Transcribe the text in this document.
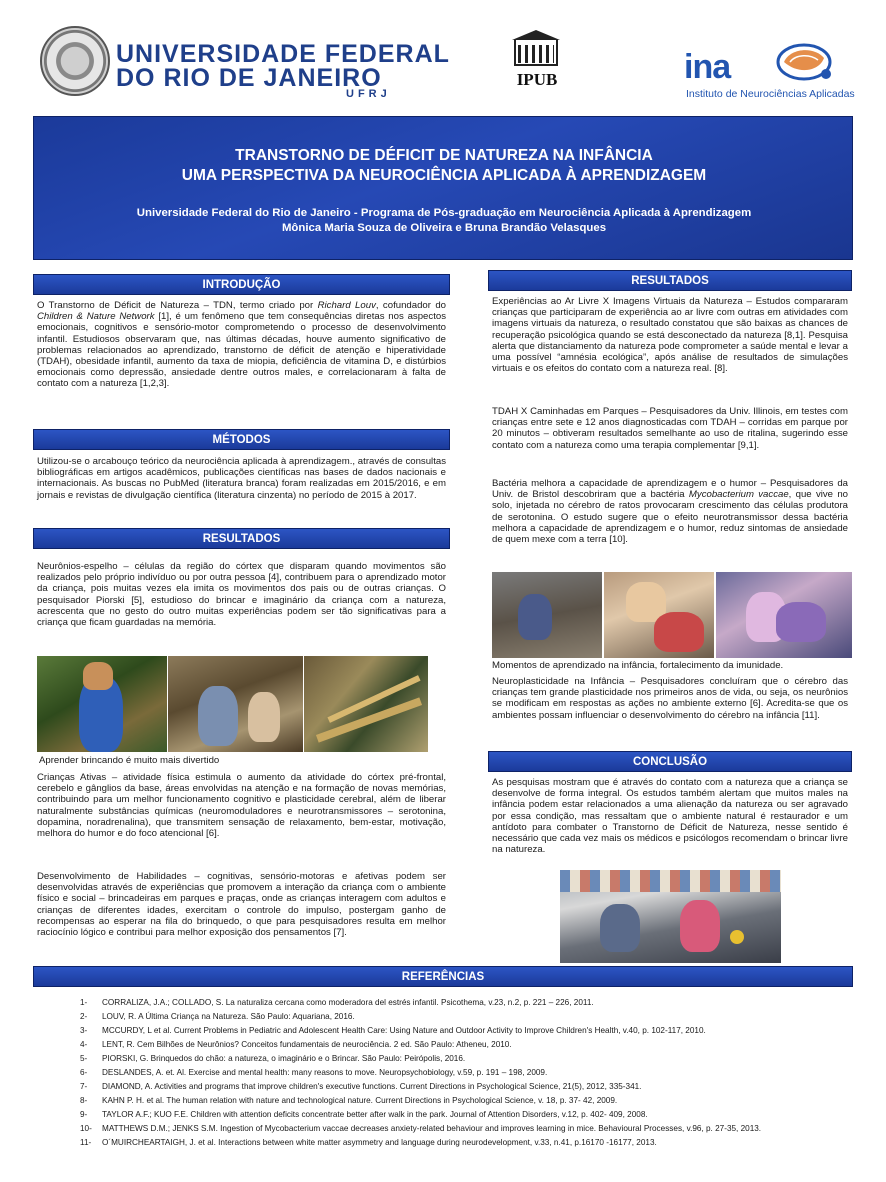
UNIVERSIDADE FEDERAL
DO RIO DE JANEIRO
UFRJ
IPUB	ina
Instituto de Neurociências Aplicadas
TRANSTORNO DE DÉFICIT DE NATUREZA NA INFÂNCIA
UMA PERSPECTIVA DA NEUROCIÊNCIA APLICADA À APRENDIZAGEM
Universidade Federal do Rio de Janeiro - Programa de Pós-graduação em Neurociência Aplicada à Aprendizagem
Mônica Maria Souza de Oliveira e Bruna Brandão Velasques
INTRODUÇÃO
O Transtorno de Déficit de Natureza – TDN, termo criado por Richard Louv, cofundador do Children & Nature Network [1], é um fenômeno que tem consequências diretas nos aspectos emocionais, cognitivos e sensório-motor comprometendo o processo de desenvolvimento infantil. Estudiosos observaram que, nas últimas décadas, houve aumento significativo de problemas relacionados ao aprendizado, transtorno de déficit de atenção e hiperatividade (TDAH), obesidade infantil, aumento da taxa de miopia, deficiência de vitamina D, e distúrbios emocionais como depressão, ansiedade dentre outros males, e correlacionaram à falta de contato com a natureza [1,2,3].
MÉTODOS
Utilizou-se o arcabouço teórico da neurociência aplicada à aprendizagem., através de consultas bibliográficas em artigos acadêmicos, publicações científicas nas bases de dados nacionais e internacionais. As buscas no PubMed (literatura branca) foram realizadas em 2015/2016, e em jornais e revistas de divulgação científica (literatura cinzenta) no período de 2015 à 2017.
RESULTADOS
Neurônios-espelho – células da região do córtex que disparam quando movimentos são realizados pelo próprio indivíduo ou por outra pessoa [4], contribuem para o aprendizado motor da criança, pois muitas vezes ela imita os movimentos dos pais ou de outras crianças. O pesquisador Piorski [5], estudioso do brincar e imaginário da criança com a natureza, acrescenta que no gesto do outro muitas experiências podem ser tão significativas para a criança que ficam guardadas na memória.
Aprender brincando é muito mais divertido
Crianças Ativas – atividade física estimula o aumento da atividade do córtex pré-frontal, cerebelo e gânglios da base, áreas envolvidas na atenção e na formação de novas memórias, contribuindo para um melhor funcionamento cognitivo e plasticidade cerebral, além de liberar naturalmente substâncias químicas (neuromoduladores e neurotransmissores – serotonina, dopamina, noradrenalina), que transmitem sensação de relaxamento, bem-estar, motivação, melhora do humor e do foco atencional [6].
Desenvolvimento de Habilidades – cognitivas, sensório-motoras e afetivas podem ser desenvolvidas através de experiências que promovem a interação da criança com o ambiente físico e social – brincadeiras em parques e praças, onde as crianças interagem com adultos e crianças de diferentes idades, exercitam o controle do impulso, postergam ganho de recompensas ao esperar na fila do brinquedo, o que para pesquisadores resulta em melhor raciocínio lógico e contribui para melhor exposição dos pensamentos [7].
RESULTADOS
Experiências ao Ar Livre X Imagens Virtuais da Natureza – Estudos compararam crianças que participaram de experiência ao ar livre com outras em atividades com imagens virtuais da natureza, o resultado constatou que são baixas as chances de recuperação psicológica quando se está desconectado da natureza [8,1]. Pesquisa alerta que distanciamento da natureza pode comprometer a saúde mental e levar a uma possível “amnésia ecológica”, após análise de resultados de simulações virtuais e os efeitos do contato com a natureza real. [8].
TDAH X Caminhadas em Parques – Pesquisadores da Univ. Illinois, em testes com crianças entre sete e 12 anos diagnosticadas com TDAH – corridas em parque por 20 minutos – obtiveram resultados semelhante ao uso de ritalina, sugerindo esse contato com a natureza como uma terapia complementar [9,1].
Bactéria melhora a capacidade de aprendizagem e o humor – Pesquisadores da Univ. de Bristol descobriram que a bactéria Mycobacterium vaccae, que vive no solo, injetada no cérebro de ratos provocaram crescimento das células produtora de serotonina. O estudo sugere que o efeito neurotransmissor dessa bactéria melhora a capacidade de aprendizagem e o humor, reduz sintomas de ansiedade de quem mexe com a terra [10].
Momentos de aprendizado na infância, fortalecimento da imunidade.
Neuroplasticidade na Infância – Pesquisadores concluíram que o cérebro das crianças tem grande plasticidade nos primeiros anos de vida, ou seja, os neurônios se modificam em respostas as ações no ambiente externo [6]. Acredita-se que os ambientes possam influenciar o desenvolvimento do cérebro na infância [11].
CONCLUSÃO
As pesquisas mostram que é através do contato com a natureza que a criança se desenvolve de forma integral. Os estudos também alertam que muitos males na infância podem estar relacionados a uma alienação da natureza ou ser agravado por essa condição, mas ressaltam que o ambiente natural é restaurador e um antídoto para combater o Transtorno de Déficit de Natureza, nesse sentido é necessário que cada vez mais os médicos e psicólogos recomendam o brincar livre na natureza.
REFERÊNCIAS
1- CORRALIZA, J.A.; COLLADO, S. La naturaliza cercana como moderadora del estrés infantil. Psicothema, v.23, n.2, p. 221 – 226, 2011.
2- LOUV, R. A Última Criança na Natureza. São Paulo: Aquariana, 2016.
3- MCCURDY, L et al. Current Problems in Pediatric and Adolescent Health Care: Using Nature and Outdoor Activity to Improve Children's Health, v.40, p. 102-117, 2010.
4- LENT, R. Cem Bilhões de Neurônios? Conceitos fundamentais de neurociência. 2 ed. São Paulo: Atheneu, 2010.
5- PIORSKI, G. Brinquedos do chão: a natureza, o imaginário e o Brincar. São Paulo: Peirópolis, 2016.
6- DESLANDES, A. et. Al. Exercise and mental health: many reasons to move. Neuropsychobiology, v.59, p. 191 – 198, 2009.
7- DIAMOND, A. Activities and programs that improve children's executive functions. Current Directions in Psychological Science, 21(5), 2012, 335-341.
8- KAHN P. H. et al. The human relation with nature and technological nature. Current Directions in Psychological Science, v. 18, p. 37- 42, 2009.
9- TAYLOR A.F.; KUO F.E. Children with attention deficits concentrate better after walk in the park. Journal of Attention Disorders, v.12, p. 402- 409, 2008.
10- MATTHEWS D.M.; JENKS S.M. Ingestion of Mycobacterium vaccae decreases anxiety-related behaviour and improves learning in mice. Behavioural Processes, v.96, p. 27-35, 2013.
11- O´MUIRCHEARTAIGH, J. et al. Interactions between white matter asymmetry and language during neurodevelopment, v.33, n.41, p.16170 -16177, 2013.
